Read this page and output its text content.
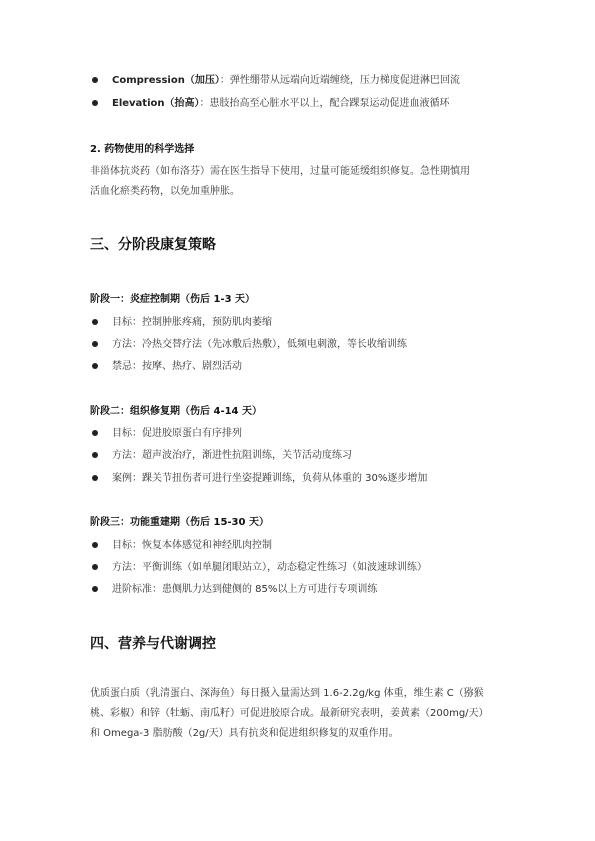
Compression（加压）：弹性绷带从远端向近端缠绕，压力梯度促进淋巴回流
Elevation（抬高）：患肢抬高至心脏水平以上，配合踝泵运动促进血液循环
2. 药物使用的科学选择

非甾体抗炎药（如布洛芬）需在医生指导下使用，过量可能延缓组织修复。急性期慎用
活血化瘀类药物，以免加重肿胀。

三、分阶段康复策略
阶段一：炎症控制期（伤后 1-3 天）
目标：控制肿胀疼痛，预防肌肉萎缩
方法：冷热交替疗法（先冰敷后热敷），低频电刺激，等长收缩训练
禁忌：按摩、热疗、剧烈活动
阶段二：组织修复期（伤后 4-14 天）
目标：促进胶原蛋白有序排列
方法：超声波治疗，渐进性抗阻训练，关节活动度练习
案例：踝关节扭伤者可进行坐姿提踵训练，负荷从体重的 30%逐步增加
阶段三：功能重建期（伤后 15-30 天）
目标：恢复本体感觉和神经肌肉控制
方法：平衡训练（如单腿闭眼站立），动态稳定性练习（如波速球训练）
进阶标准：患侧肌力达到健侧的 85%以上方可进行专项训练
四、营养与代谢调控

优质蛋白质（乳清蛋白、深海鱼）每日摄入量需达到 1.6-2.2g/kg 体重，维生素 C（猕猴
桃、彩椒）和锌（牡蛎、南瓜籽）可促进胶原合成。最新研究表明，姜黄素（200mg/天）
和 Omega-3 脂肪酸（2g/天）具有抗炎和促进组织修复的双重作用。
